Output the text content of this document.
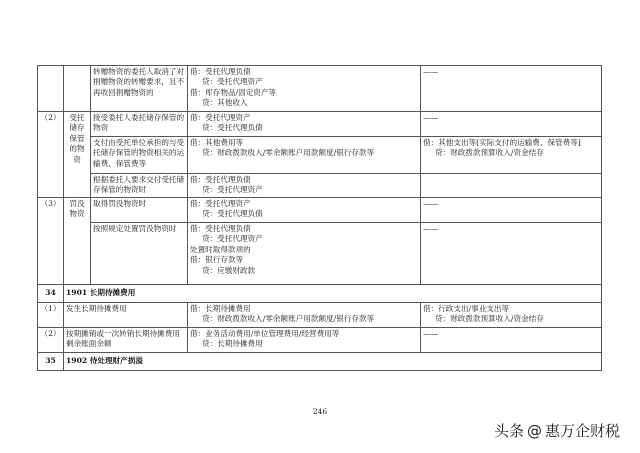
		转赠物资的委托人取消了对捐赠物资的转赠要求，且不再收回捐赠物资的	借：受托代理负债
贷：受托代理资产
借：库存物品/固定资产等
贷：其他收入	——
（2）	受托储存保管的物资	接受委托人委托储存保管的物资	借：受托代理资产
贷：受托代理负债	——

		支付由受托单位承担的与受托储存保管的物资相关的运输费、保管费等	借：其他费用等
贷：财政拨款收入/零余额账户用款额度/银行存款等	借：其他支出等[实际支付的运输费、保管费等]
贷：财政拨款预算收入/资金结存

		根据委托人要求交付受托储存保管的物资时	借：受托代理负债
贷：受托代理资产	

（3）	罚没物资	取得罚没物资时	借：受托代理资产
贷：受托代理负债	——

		按照规定处置罚没物资时	借：受托代理负债
贷：受托代理资产
处置时取得款项的
借：银行存款等
贷：应缴财政款	——
34	1901 长期待摊费用			
（1）	发生长期待摊费用		借：长期待摊费用
贷：财政拨款收入/零余额账户用款额度/银行存款等	借：行政支出/事业支出等
贷：财政拨款预算收入/资金结存

（2）	按期摊销或一次转销长期待摊费用剩余账面余额		借：业务活动费用/单位管理费用/经营费用等
贷：长期待摊费用	——
35	1902 待处理财产损溢			
246
头条 @ 惠万企财税
